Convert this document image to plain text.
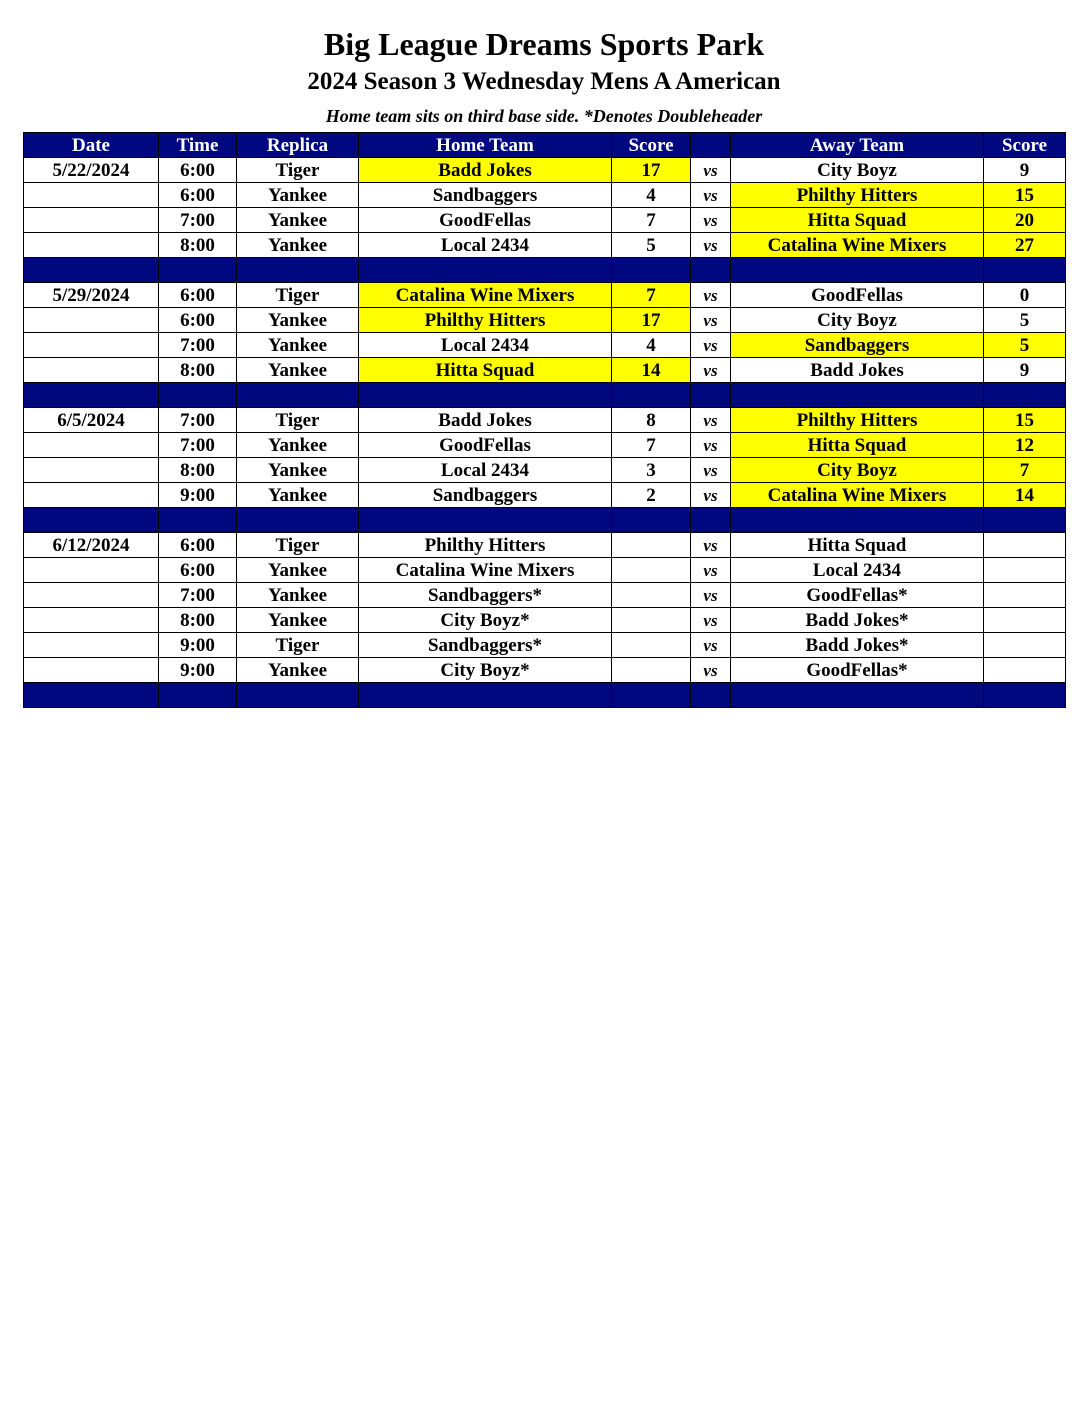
Big League Dreams Sports Park
2024 Season 3 Wednesday Mens A American
Home team sits on third base side. *Denotes Doubleheader
Date	Time	Replica	Home Team	Score		Away Team	Score
5/22/2024	6:00	Tiger	Badd Jokes	17	vs	City Boyz	9
	6:00	Yankee	Sandbaggers	4	vs	Philthy Hitters	15
	7:00	Yankee	GoodFellas	7	vs	Hitta Squad	20
	8:00	Yankee	Local 2434	5	vs	Catalina Wine Mixers	27

5/29/2024	6:00	Tiger	Catalina Wine Mixers	7	vs	GoodFellas	0
	6:00	Yankee	Philthy Hitters	17	vs	City Boyz	5
	7:00	Yankee	Local 2434	4	vs	Sandbaggers	5
	8:00	Yankee	Hitta Squad	14	vs	Badd Jokes	9

6/5/2024	7:00	Tiger	Badd Jokes	8	vs	Philthy Hitters	15
	7:00	Yankee	GoodFellas	7	vs	Hitta Squad	12
	8:00	Yankee	Local 2434	3	vs	City Boyz	7
	9:00	Yankee	Sandbaggers	2	vs	Catalina Wine Mixers	14

6/12/2024	6:00	Tiger	Philthy Hitters		vs	Hitta Squad	
	6:00	Yankee	Catalina Wine Mixers		vs	Local 2434	
	7:00	Yankee	Sandbaggers*		vs	GoodFellas*	
	8:00	Yankee	City Boyz*		vs	Badd Jokes*	
	9:00	Tiger	Sandbaggers*		vs	Badd Jokes*	
	9:00	Yankee	City Boyz*		vs	GoodFellas*	
